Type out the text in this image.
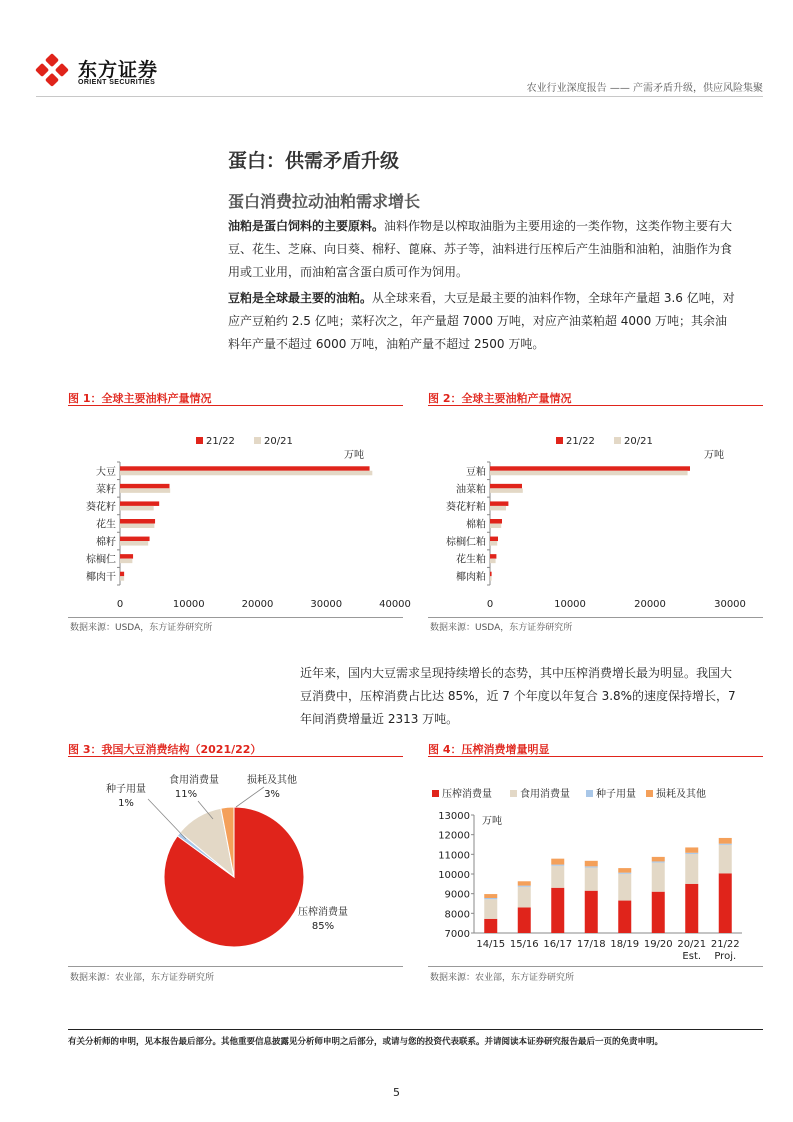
东方证券
ORIENT SECURITIES
农业行业深度报告 —— 产需矛盾升级，供应风险集聚
蛋白：供需矛盾升级
蛋白消费拉动油粕需求增长
油粕是蛋白饲料的主要原料。油料作物是以榨取油脂为主要用途的一类作物，这类作物主要有大豆、花生、芝麻、向日葵、棉籽、蓖麻、苏子等，油料进行压榨后产生油脂和油粕，油脂作为食用或工业用，而油粕富含蛋白质可作为饲用。
豆粕是全球最主要的油粕。从全球来看，大豆是最主要的油料作物，全球年产量超 3.6 亿吨，对应产豆粕约 2.5 亿吨；菜籽次之，年产量超 7000 万吨，对应产油菜粕超 4000 万吨；其余油料年产量不超过 6000 万吨，油粕产量不超过 2500 万吨。
图 1：全球主要油料产量情况
21/22	20/21
万吨
大豆
菜籽
葵花籽
花生
棉籽
棕榈仁
椰肉干
0	10000	20000	30000	40000
数据来源：USDA，东方证券研究所
图 2：全球主要油粕产量情况
21/22	20/21
万吨
豆粕
油菜粕
葵花籽粕
棉粕
棕榈仁粕
花生粕
椰肉粕
0	10000	20000	30000
数据来源：USDA，东方证券研究所
近年来，国内大豆需求呈现持续增长的态势，其中压榨消费增长最为明显。我国大豆消费中，压榨消费占比达 85%，近 7 个年度以年复合 3.8%的速度保持增长，7 年间消费增量近 2313 万吨。
图 3：我国大豆消费结构（2021/22）
压榨消费量
85%
种子用量
1%
食用消费量
11%
损耗及其他
3%
数据来源：农业部，东方证券研究所
图 4：压榨消费增量明显
压榨消费量	食用消费量	种子用量 损耗及其他
万吨
7000
8000
9000
10000
11000
12000
13000
14/15 15/16 16/17 17/18 18/19 19/20 20/21
Est.
21/22
Proj.
数据来源：农业部，东方证券研究所
有关分析师的申明，见本报告最后部分。其他重要信息披露见分析师申明之后部分，或请与您的投资代表联系。并请阅读本证券研究报告最后一页的免责申明。
5
